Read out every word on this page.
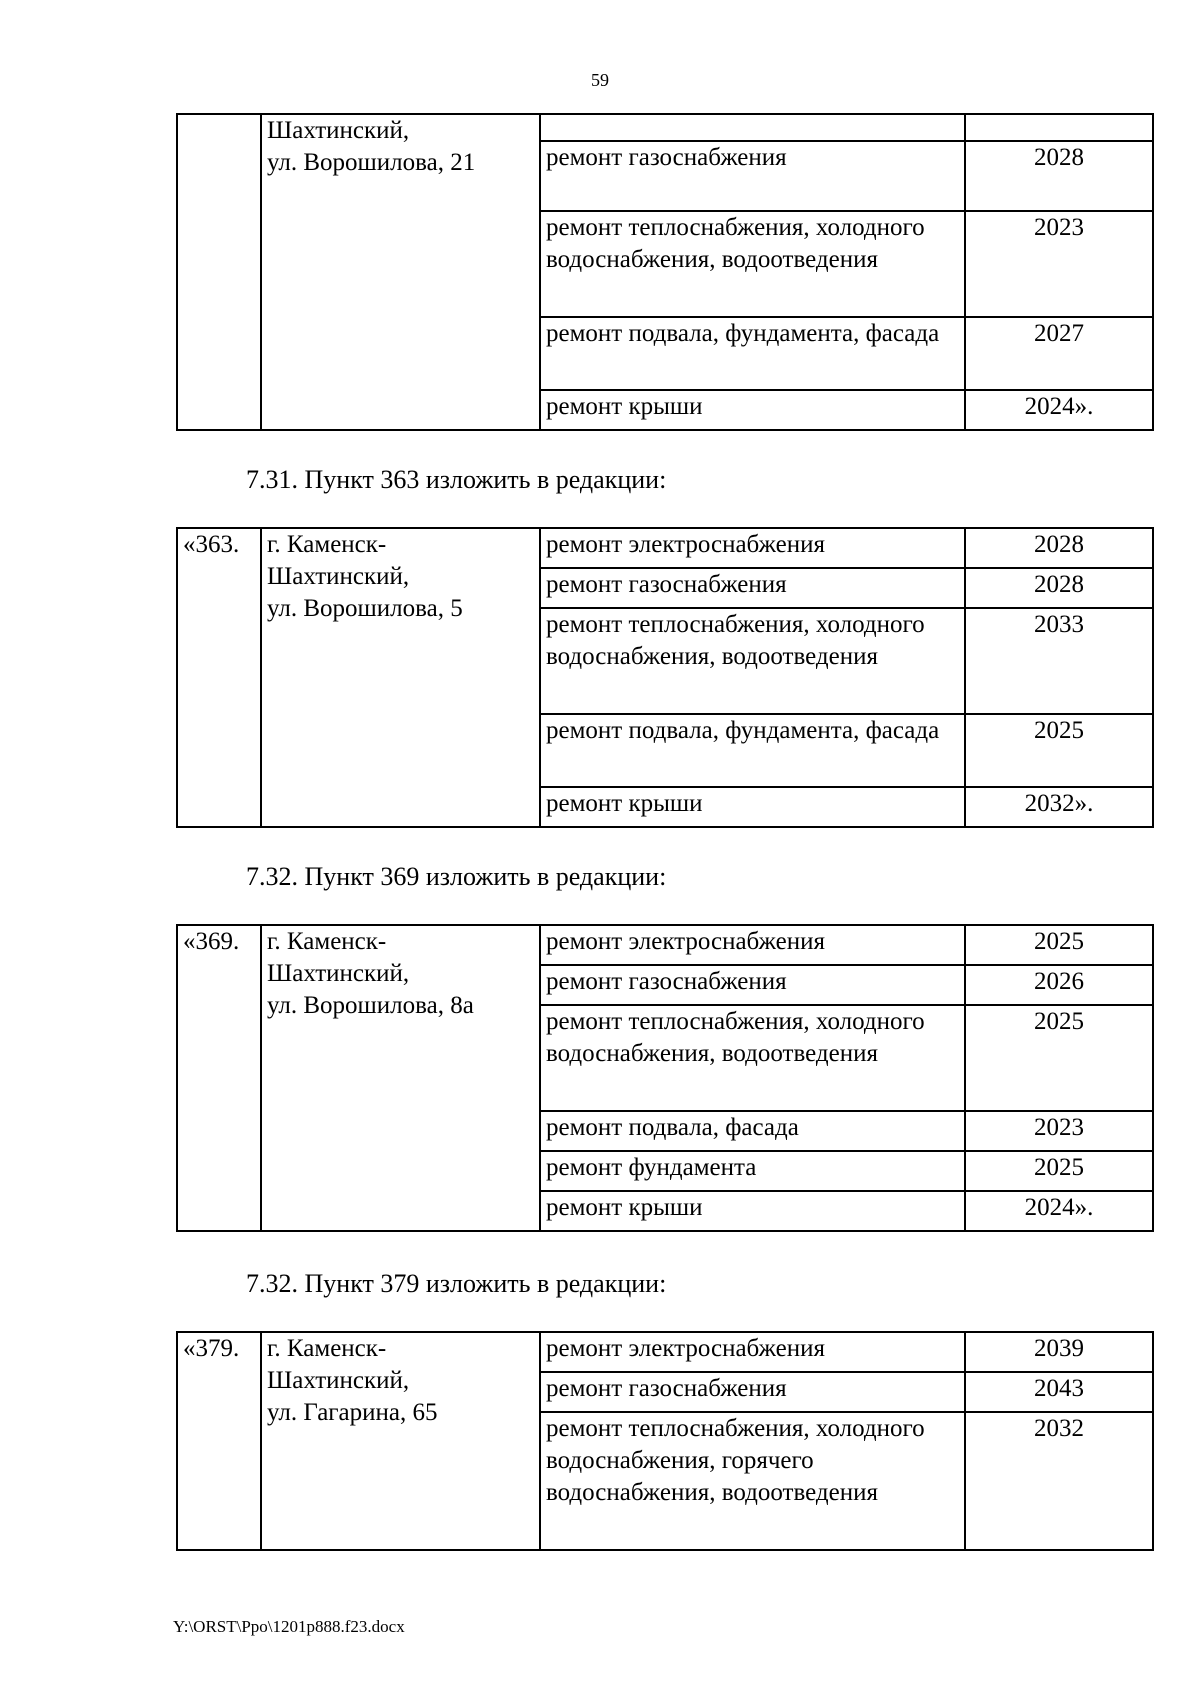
59

	Шахтинский,
ул. Ворошилова, 21		

		ремонт газоснабжения	2028
		ремонт теплоснабжения, холодного водоснабжения, водоотведения	2023
		ремонт подвала, фундамента, фасада	2027
		ремонт крыши	2024».
7.31. Пункт 363 изложить в редакции:
«363.	г. Каменск-
Шахтинский,
ул. Ворошилова, 5	ремонт электроснабжения	2028
		ремонт газоснабжения	2028
		ремонт теплоснабжения, холодного водоснабжения, водоотведения	2033
		ремонт подвала, фундамента, фасада	2025
		ремонт крыши	2032».
7.32. Пункт 369 изложить в редакции:
«369.	г. Каменск-
Шахтинский,
ул. Ворошилова, 8а	ремонт электроснабжения	2025
		ремонт газоснабжения	2026
		ремонт теплоснабжения, холодного водоснабжения, водоотведения	2025
		ремонт подвала, фасада	2023
		ремонт фундамента	2025
		ремонт крыши	2024».
7.32. Пункт 379 изложить в редакции:
«379.	г. Каменск-
Шахтинский,
ул. Гагарина, 65	ремонт электроснабжения	2039
		ремонт газоснабжения	2043
		ремонт теплоснабжения, холодного водоснабжения, горячего водоснабжения, водоотведения	2032
Y:\ORST\Ppo\1201p888.f23.docx
